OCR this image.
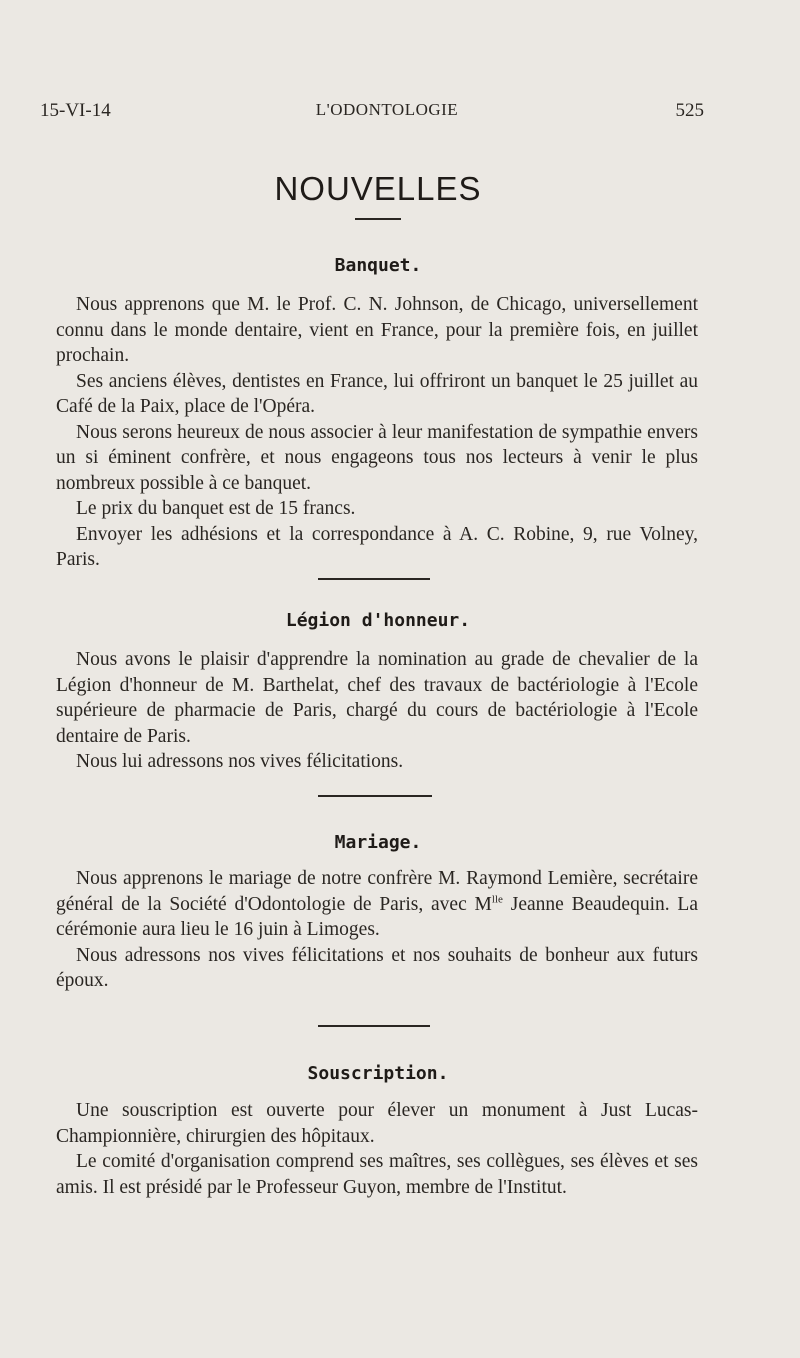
15-VI-14	L'ODONTOLOGIE	525
NOUVELLES
Banquet.

Nous apprenons que M. le Prof. C. N. Johnson, de Chicago, universellement connu dans le monde dentaire, vient en France, pour la première fois, en juillet prochain.

Ses anciens élèves, dentistes en France, lui offriront un banquet le 25 juillet au Café de la Paix, place de l'Opéra.

Nous serons heureux de nous associer à leur manifestation de sympathie envers un si éminent confrère, et nous engageons tous nos lecteurs à venir le plus nombreux possible à ce banquet.

Le prix du banquet est de 15 francs.

Envoyer les adhésions et la correspondance à A. C. Robine, 9, rue Volney, Paris.

Légion d'honneur.

Nous avons le plaisir d'apprendre la nomination au grade de chevalier de la Légion d'honneur de M. Barthelat, chef des travaux de bactériologie à l'Ecole supérieure de pharmacie de Paris, chargé du cours de bactériologie à l'Ecole dentaire de Paris.

Nous lui adressons nos vives félicitations.

Mariage.

Nous apprenons le mariage de notre confrère M. Raymond Lemière, secrétaire général de la Société d'Odontologie de Paris, avec $M^{lle}$ Jeanne Beaudequin. La cérémonie aura lieu le 16 juin à Limoges.

Nous adressons nos vives félicitations et nos souhaits de bonheur aux futurs époux.

Souscription.

Une souscription est ouverte pour élever un monument à Just Lucas-Championnière, chirurgien des hôpitaux.

Le comité d'organisation comprend ses maîtres, ses collègues, ses élèves et ses amis. Il est présidé par le Professeur Guyon, membre de l'Institut.
